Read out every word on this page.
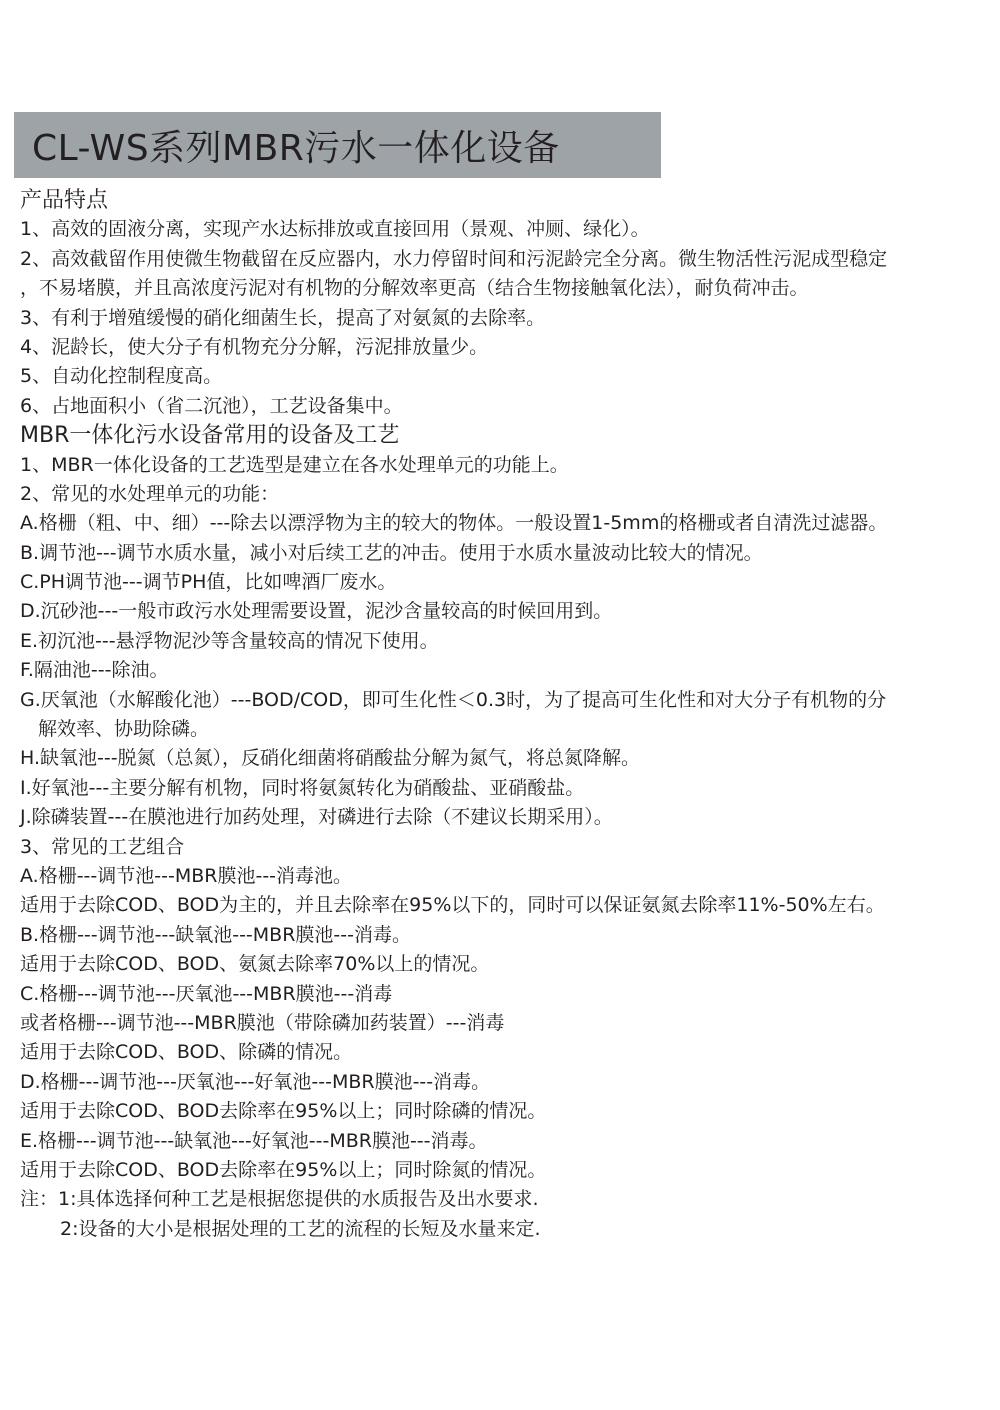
CL-WS系列MBR污水一体化设备
产品特点
1、高效的固液分离，实现产水达标排放或直接回用（景观、冲厕、绿化）。
2、高效截留作用使微生物截留在反应器内，水力停留时间和污泥龄完全分离。微生物活性污泥成型稳定
，不易堵膜，并且高浓度污泥对有机物的分解效率更高（结合生物接触氧化法），耐负荷冲击。
3、有利于增殖缓慢的硝化细菌生长，提高了对氨氮的去除率。
4、泥龄长，使大分子有机物充分分解，污泥排放量少。
5、自动化控制程度高。
6、占地面积小（省二沉池），工艺设备集中。
MBR一体化污水设备常用的设备及工艺
1、MBR一体化设备的工艺选型是建立在各水处理单元的功能上。
2、常见的水处理单元的功能：
A.格栅（粗、中、细）---除去以漂浮物为主的较大的物体。一般设置1-5mm的格栅或者自清洗过滤器。
B.调节池---调节水质水量，减小对后续工艺的冲击。使用于水质水量波动比较大的情况。
C.PH调节池---调节PH值，比如啤酒厂废水。
D.沉砂池---一般市政污水处理需要设置，泥沙含量较高的时候回用到。
E.初沉池---悬浮物泥沙等含量较高的情况下使用。
F.隔油池---除油。
G.厌氧池（水解酸化池）---BOD/COD，即可生化性＜0.3时，为了提高可生化性和对大分子有机物的分
解效率、协助除磷。
H.缺氧池---脱氮（总氮），反硝化细菌将硝酸盐分解为氮气，将总氮降解。
I.好氧池---主要分解有机物，同时将氨氮转化为硝酸盐、亚硝酸盐。
J.除磷装置---在膜池进行加药处理，对磷进行去除（不建议长期采用）。
3、常见的工艺组合
A.格栅---调节池---MBR膜池---消毒池。
适用于去除COD、BOD为主的，并且去除率在95%以下的，同时可以保证氨氮去除率11%-50%左右。
B.格栅---调节池---缺氧池---MBR膜池---消毒。
适用于去除COD、BOD、氨氮去除率70%以上的情况。
C.格栅---调节池---厌氧池---MBR膜池---消毒
或者格栅---调节池---MBR膜池（带除磷加药装置）---消毒
适用于去除COD、BOD、除磷的情况。
D.格栅---调节池---厌氧池---好氧池---MBR膜池---消毒。
适用于去除COD、BOD去除率在95%以上；同时除磷的情况。
E.格栅---调节池---缺氧池---好氧池---MBR膜池---消毒。
适用于去除COD、BOD去除率在95%以上；同时除氮的情况。
注：1:具体选择何种工艺是根据您提供的水质报告及出水要求.
2:设备的大小是根据处理的工艺的流程的长短及水量来定.
